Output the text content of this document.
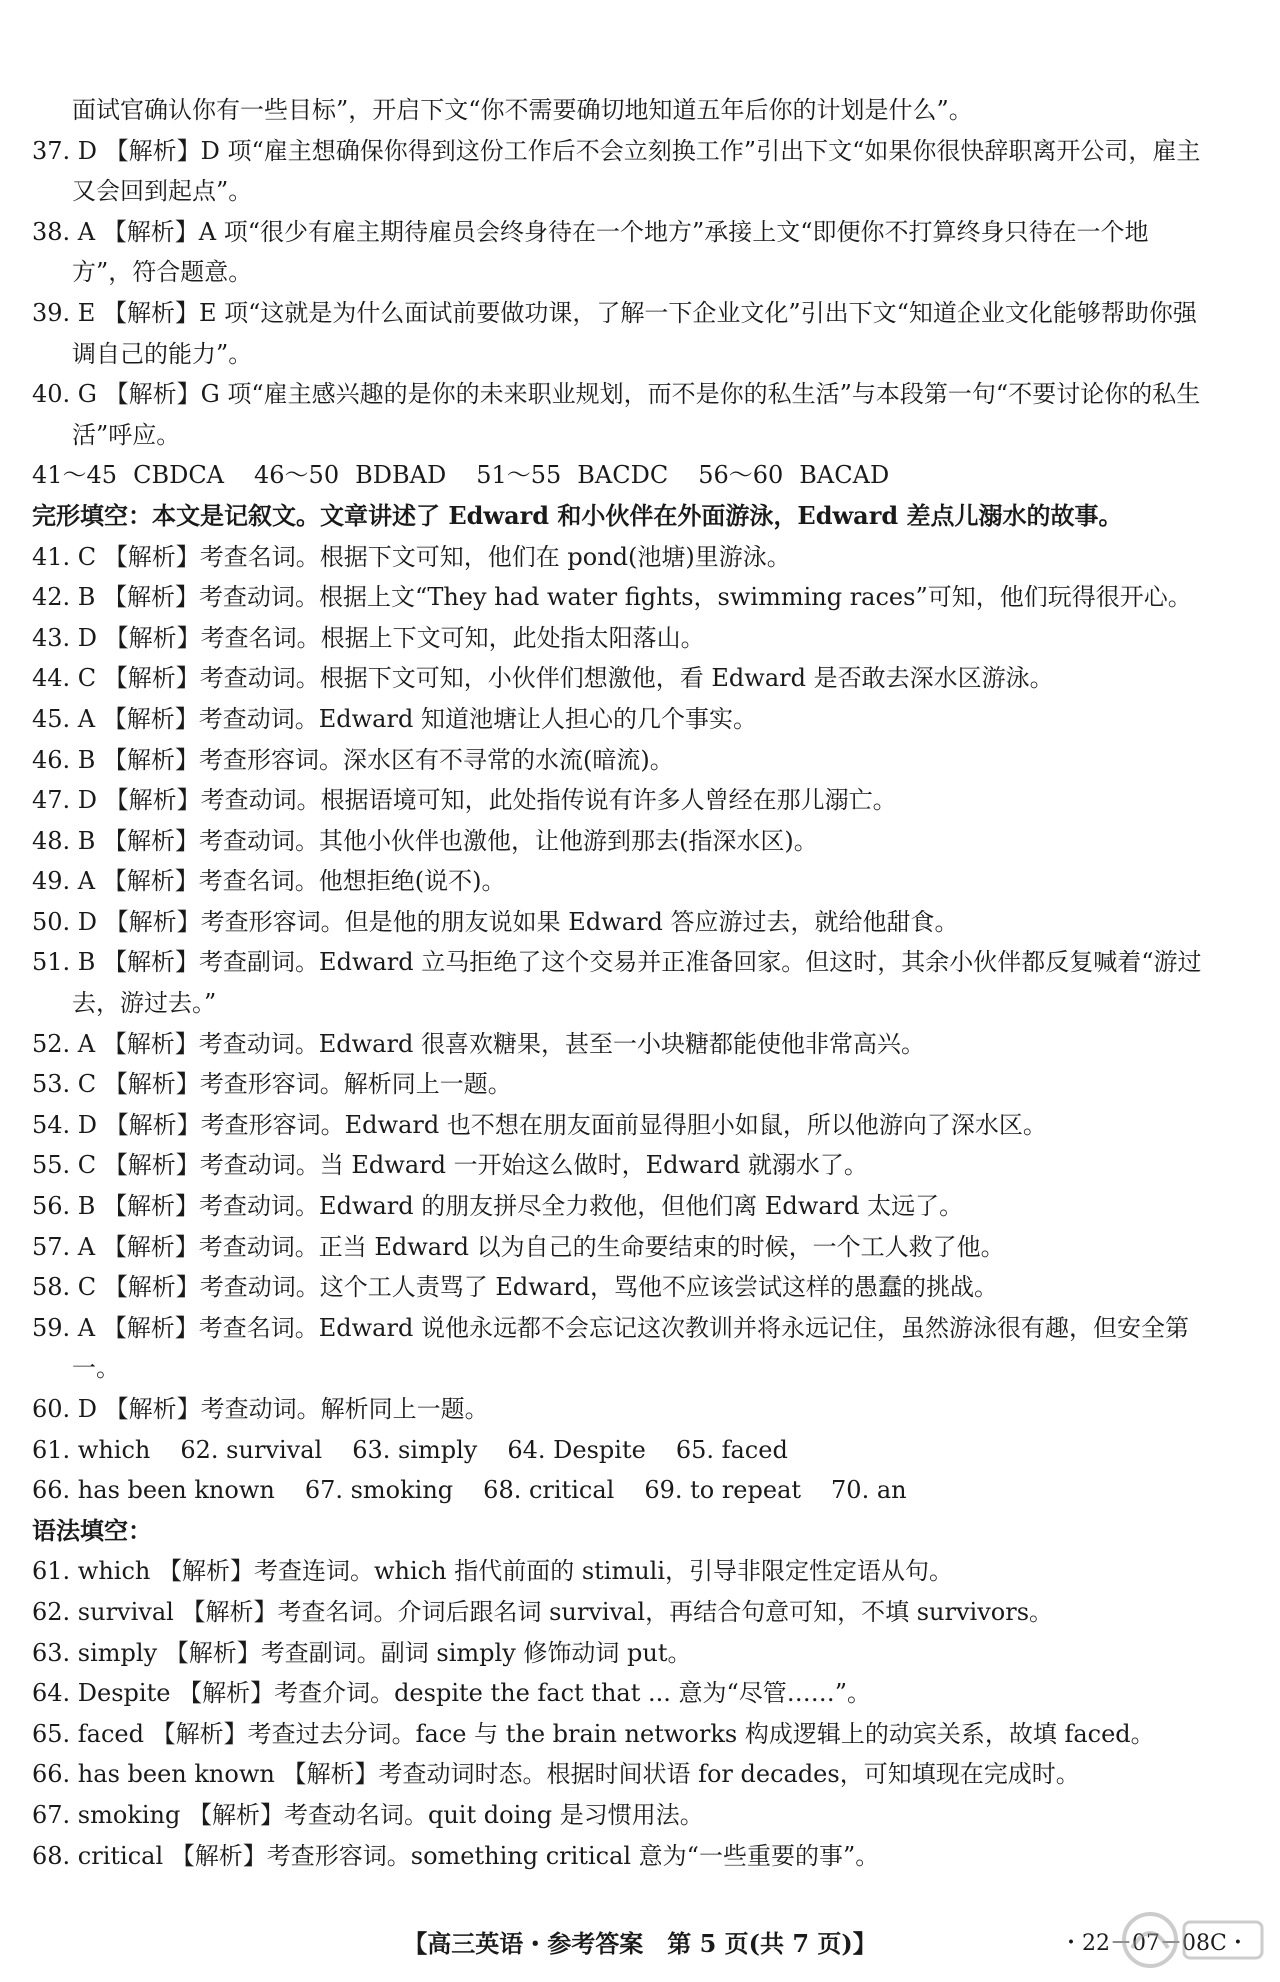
面试官确认你有一些目标”，开启下文“你不需要确切地知道五年后你的计划是什么”。
37. D 【解析】D 项“雇主想确保你得到这份工作后不会立刻换工作”引出下文“如果你很快辞职离开公司，雇主
又会回到起点”。
38. A 【解析】A 项“很少有雇主期待雇员会终身待在一个地方”承接上文“即便你不打算终身只待在一个地
方”，符合题意。
39. E 【解析】E 项“这就是为什么面试前要做功课，了解一下企业文化”引出下文“知道企业文化能够帮助你强
调自己的能力”。
40. G 【解析】G 项“雇主感兴趣的是你的未来职业规划，而不是你的私生活”与本段第一句“不要讨论你的私生
活”呼应。
41～45 CBDCA 46～50 BDBAD 51～55 BACDC 56～60 BACAD
完形填空：本文是记叙文。文章讲述了 Edward 和小伙伴在外面游泳，Edward 差点儿溺水的故事。
41. C 【解析】考查名词。根据下文可知，他们在 pond(池塘)里游泳。
42. B 【解析】考查动词。根据上文“They had water fights，swimming races”可知，他们玩得很开心。
43. D 【解析】考查名词。根据上下文可知，此处指太阳落山。
44. C 【解析】考查动词。根据下文可知，小伙伴们想激他，看 Edward 是否敢去深水区游泳。
45. A 【解析】考查动词。Edward 知道池塘让人担心的几个事实。
46. B 【解析】考查形容词。深水区有不寻常的水流(暗流)。
47. D 【解析】考查动词。根据语境可知，此处指传说有许多人曾经在那儿溺亡。
48. B 【解析】考查动词。其他小伙伴也激他，让他游到那去(指深水区)。
49. A 【解析】考查名词。他想拒绝(说不)。
50. D 【解析】考查形容词。但是他的朋友说如果 Edward 答应游过去，就给他甜食。
51. B 【解析】考查副词。Edward 立马拒绝了这个交易并正准备回家。但这时，其余小伙伴都反复喊着“游过
去，游过去。”
52. A 【解析】考查动词。Edward 很喜欢糖果，甚至一小块糖都能使他非常高兴。
53. C 【解析】考查形容词。解析同上一题。
54. D 【解析】考查形容词。Edward 也不想在朋友面前显得胆小如鼠，所以他游向了深水区。
55. C 【解析】考查动词。当 Edward 一开始这么做时，Edward 就溺水了。
56. B 【解析】考查动词。Edward 的朋友拼尽全力救他，但他们离 Edward 太远了。
57. A 【解析】考查动词。正当 Edward 以为自己的生命要结束的时候，一个工人救了他。
58. C 【解析】考查动词。这个工人责骂了 Edward，骂他不应该尝试这样的愚蠢的挑战。
59. A 【解析】考查名词。Edward 说他永远都不会忘记这次教训并将永远记住，虽然游泳很有趣，但安全第
一。
60. D 【解析】考查动词。解析同上一题。
61. which 62. survival 63. simply 64. Despite 65. faced
66. has been known 67. smoking 68. critical 69. to repeat 70. an
语法填空：
61. which 【解析】考查连词。which 指代前面的 stimuli，引导非限定性定语从句。
62. survival 【解析】考查名词。介词后跟名词 survival，再结合句意可知，不填 survivors。
63. simply 【解析】考查副词。副词 simply 修饰动词 put。
64. Despite 【解析】考查介词。despite the fact that ... 意为“尽管……”。
65. faced 【解析】考查过去分词。face 与 the brain networks 构成逻辑上的动宾关系，故填 faced。
66. has been known 【解析】考查动词时态。根据时间状语 for decades，可知填现在完成时。
67. smoking 【解析】考查动名词。quit doing 是习惯用法。
68. critical 【解析】考查形容词。something critical 意为“一些重要的事”。
【高三英语・参考答案　第 5 页(共 7 页)】	・22－07－08C・
